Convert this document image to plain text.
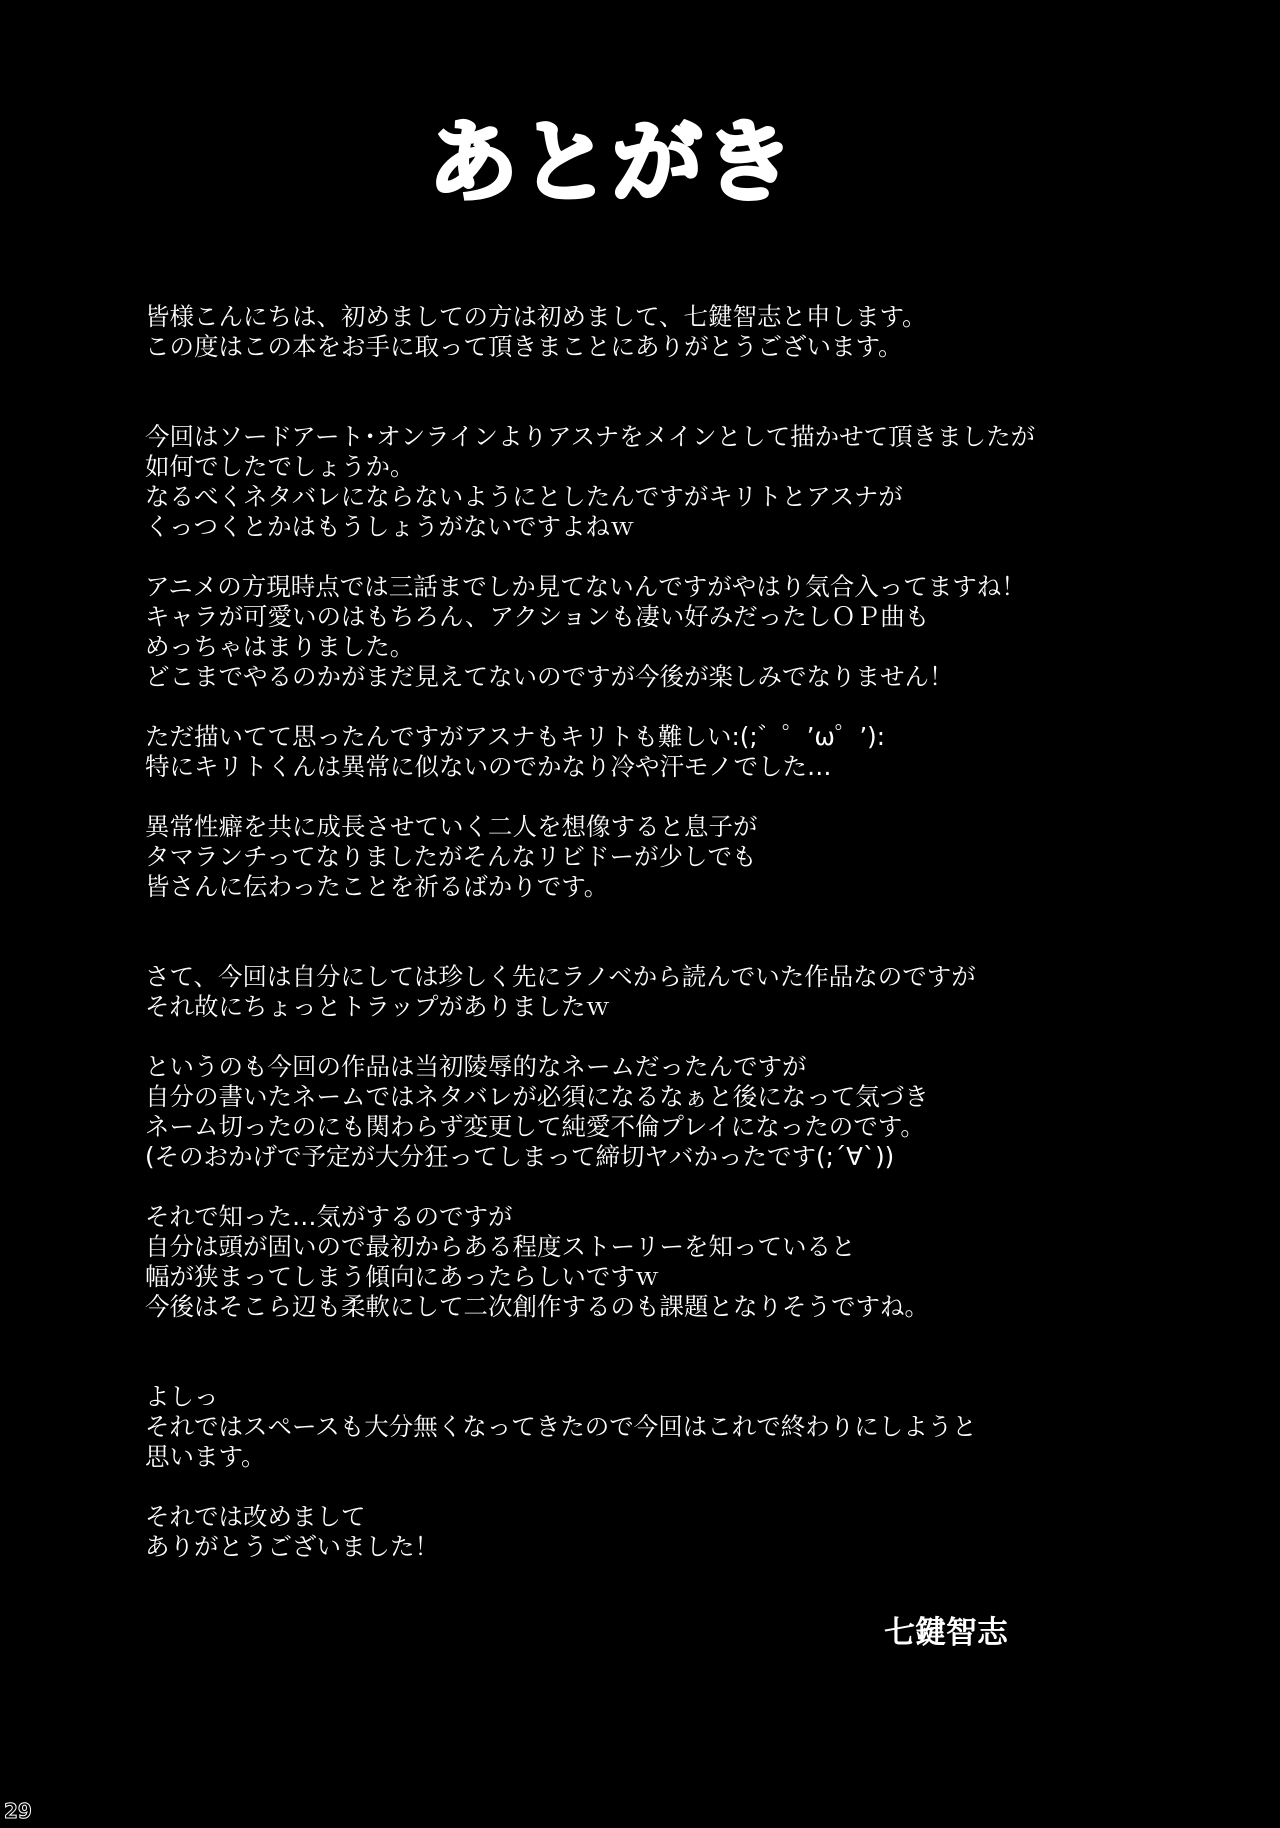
あとがき

皆様こんにちは、初めましての方は初めまして、七鍵智志と申します。
この度はこの本をお手に取って頂きまことにありがとうございます。

今回はソードアート･オンラインよりアスナをメインとして描かせて頂きましたが
如何でしたでしょうか。
なるべくネタバレにならないようにとしたんですがキリトとアスナが
くっつくとかはもうしょうがないですよねｗ

アニメの方現時点では三話までしか見てないんですがやはり気合入ってますね！
キャラが可愛いのはもちろん、アクションも凄い好みだったしＯＰ曲も
めっちゃはまりました。
どこまでやるのかがまだ見えてないのですが今後が楽しみでなりません！

ただ描いてて思ったんですがアスナもキリトも難しい:(;゛゜’ω゜’):
特にキリトくんは異常に似ないのでかなり冷や汗モノでした…

異常性癖を共に成長させていく二人を想像すると息子が
タマランチってなりましたがそんなリビドーが少しでも
皆さんに伝わったことを祈るばかりです。

さて、今回は自分にしては珍しく先にラノベから読んでいた作品なのですが
それ故にちょっとトラップがありましたｗ

というのも今回の作品は当初陵辱的なネームだったんですが
自分の書いたネームではネタバレが必須になるなぁと後になって気づき
ネーム切ったのにも関わらず変更して純愛不倫プレイになったのです。
(そのおかげで予定が大分狂ってしまって締切ヤバかったです(;´∀`))

それで知った…気がするのですが
自分は頭が固いので最初からある程度ストーリーを知っていると
幅が狭まってしまう傾向にあったらしいですｗ
今後はそこら辺も柔軟にして二次創作するのも課題となりそうですね。

よしっ
それではスペースも大分無くなってきたので今回はこれで終わりにしようと
思います。

それでは改めまして
ありがとうございました！

七鍵智志
29
